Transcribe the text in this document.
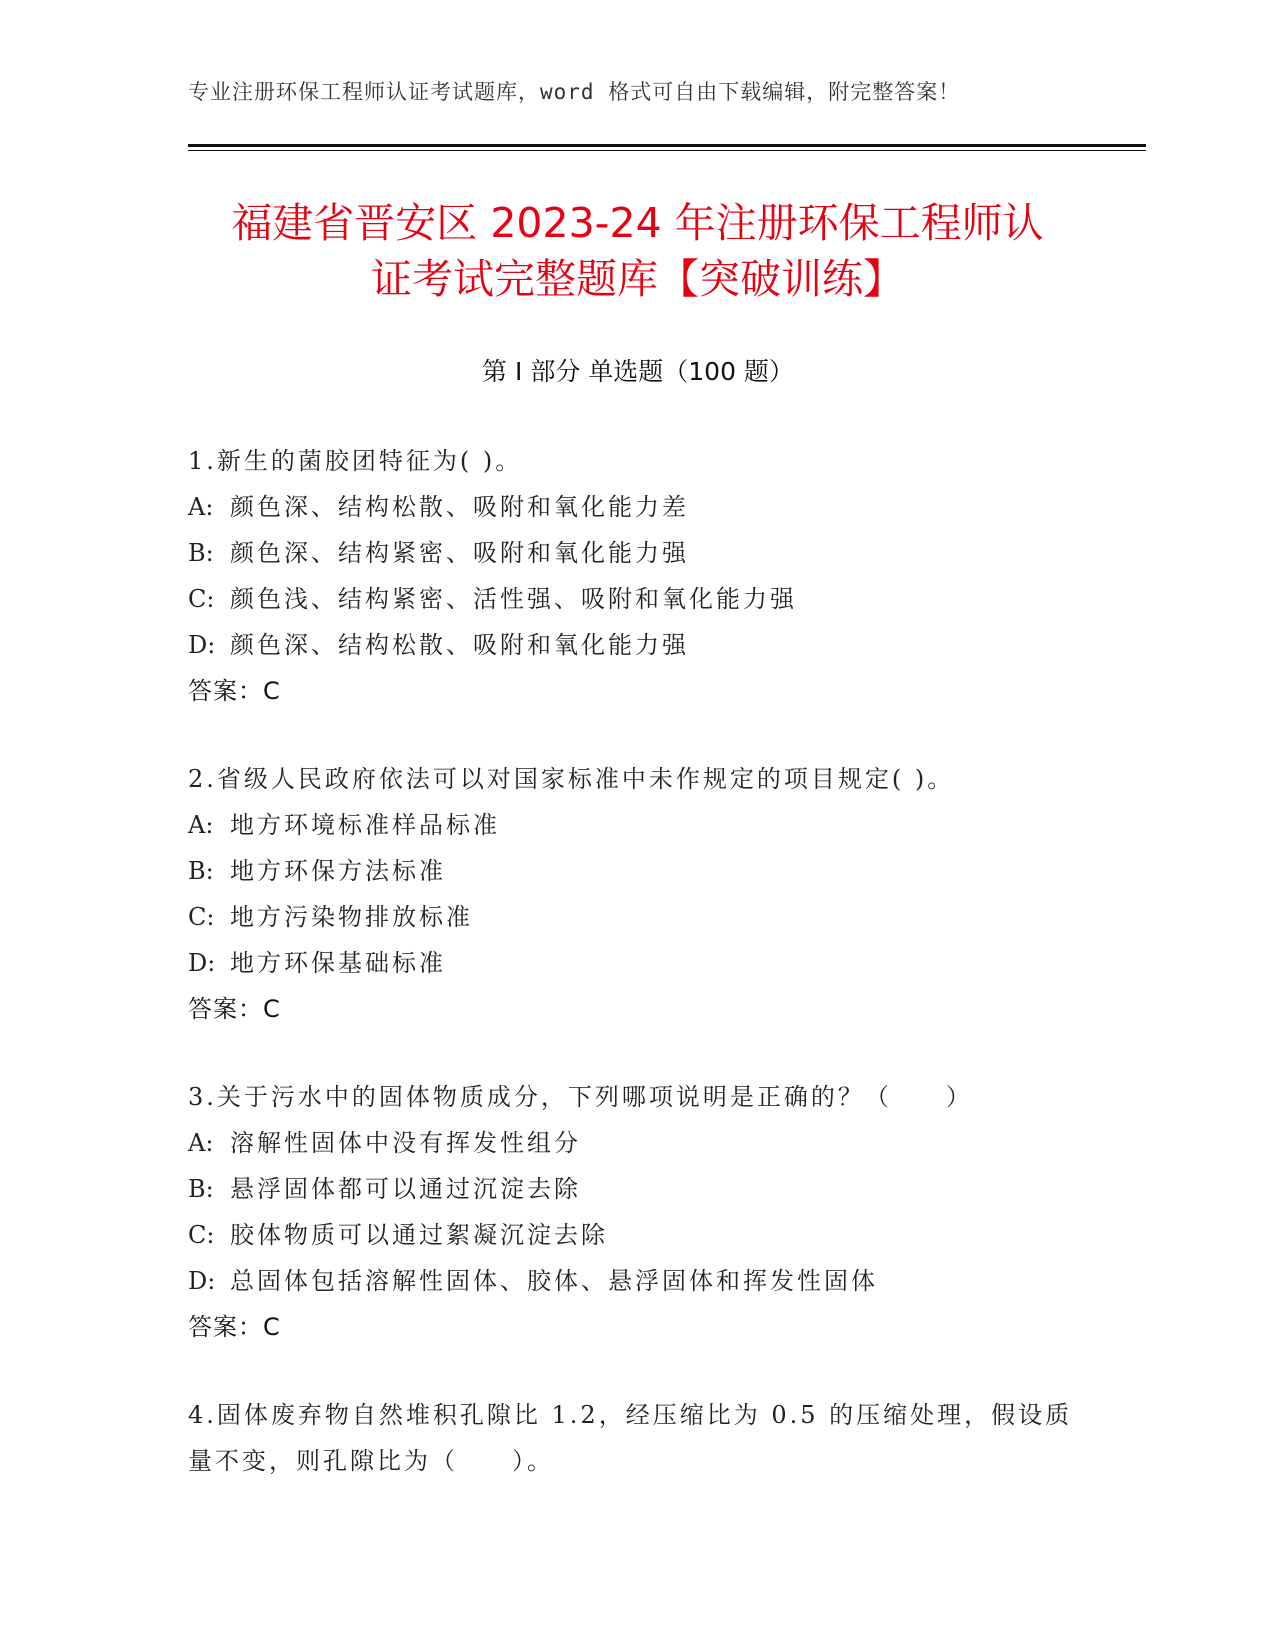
专业注册环保工程师认证考试题库，word 格式可自由下载编辑，附完整答案！
福建省晋安区 2023-24 年注册环保工程师认
证考试完整题库【突破训练】
第 I 部分 单选题（100 题）
1.新生的菌胶团特征为( )。
A: 颜色深、结构松散、吸附和氧化能力差
B: 颜色深、结构紧密、吸附和氧化能力强
C: 颜色浅、结构紧密、活性强、吸附和氧化能力强
D: 颜色深、结构松散、吸附和氧化能力强
答案：C
2.省级人民政府依法可以对国家标准中未作规定的项目规定( )。
A: 地方环境标准样品标准
B: 地方环保方法标准
C: 地方污染物排放标准
D: 地方环保基础标准
答案：C
3.关于污水中的固体物质成分，下列哪项说明是正确的？（　　）
A: 溶解性固体中没有挥发性组分
B: 悬浮固体都可以通过沉淀去除
C: 胶体物质可以通过絮凝沉淀去除
D: 总固体包括溶解性固体、胶体、悬浮固体和挥发性固体
答案：C
4.固体废弃物自然堆积孔隙比 1.2，经压缩比为 0.5 的压缩处理，假设质量不变，则孔隙比为（　　）。
